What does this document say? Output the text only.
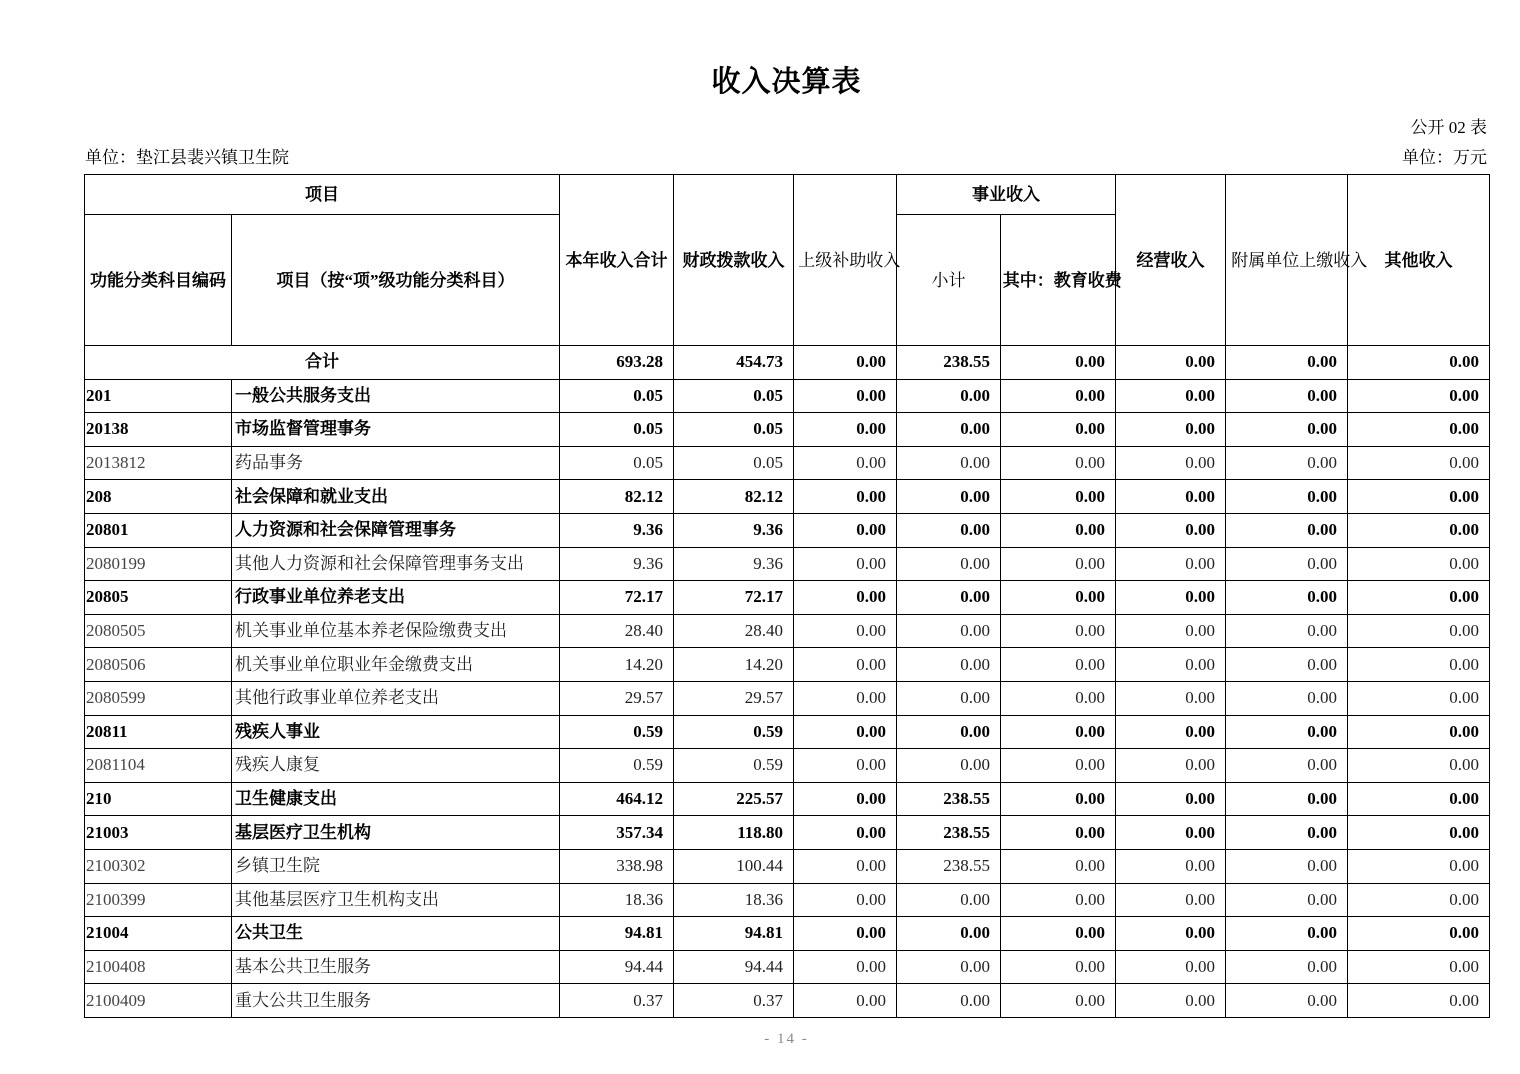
收入决算表
公开 02 表
单位：垫江县裴兴镇卫生院	单位：万元
项目		本年收入合计	财政拨款收入	上级补助收入	事业收入		经营收入	附属单位上缴收入	其他收入
功能分类科目编码	项目（按“项”级功能分类科目）				小计	其中：教育收费			
合计		693.28	454.73	0.00	238.55	0.00	0.00	0.00	0.00
201	一般公共服务支出	0.05	0.05	0.00	0.00	0.00	0.00	0.00	0.00
20138	市场监督管理事务	0.05	0.05	0.00	0.00	0.00	0.00	0.00	0.00
2013812	药品事务	0.05	0.05	0.00	0.00	0.00	0.00	0.00	0.00
208	社会保障和就业支出	82.12	82.12	0.00	0.00	0.00	0.00	0.00	0.00
20801	人力资源和社会保障管理事务	9.36	9.36	0.00	0.00	0.00	0.00	0.00	0.00
2080199	其他人力资源和社会保障管理事务支出	9.36	9.36	0.00	0.00	0.00	0.00	0.00	0.00
20805	行政事业单位养老支出	72.17	72.17	0.00	0.00	0.00	0.00	0.00	0.00
2080505	机关事业单位基本养老保险缴费支出	28.40	28.40	0.00	0.00	0.00	0.00	0.00	0.00
2080506	机关事业单位职业年金缴费支出	14.20	14.20	0.00	0.00	0.00	0.00	0.00	0.00
2080599	其他行政事业单位养老支出	29.57	29.57	0.00	0.00	0.00	0.00	0.00	0.00
20811	残疾人事业	0.59	0.59	0.00	0.00	0.00	0.00	0.00	0.00
2081104	残疾人康复	0.59	0.59	0.00	0.00	0.00	0.00	0.00	0.00
210	卫生健康支出	464.12	225.57	0.00	238.55	0.00	0.00	0.00	0.00
21003	基层医疗卫生机构	357.34	118.80	0.00	238.55	0.00	0.00	0.00	0.00
2100302	乡镇卫生院	338.98	100.44	0.00	238.55	0.00	0.00	0.00	0.00
2100399	其他基层医疗卫生机构支出	18.36	18.36	0.00	0.00	0.00	0.00	0.00	0.00
21004	公共卫生	94.81	94.81	0.00	0.00	0.00	0.00	0.00	0.00
2100408	基本公共卫生服务	94.44	94.44	0.00	0.00	0.00	0.00	0.00	0.00
2100409	重大公共卫生服务	0.37	0.37	0.00	0.00	0.00	0.00	0.00	0.00
- 14 -
